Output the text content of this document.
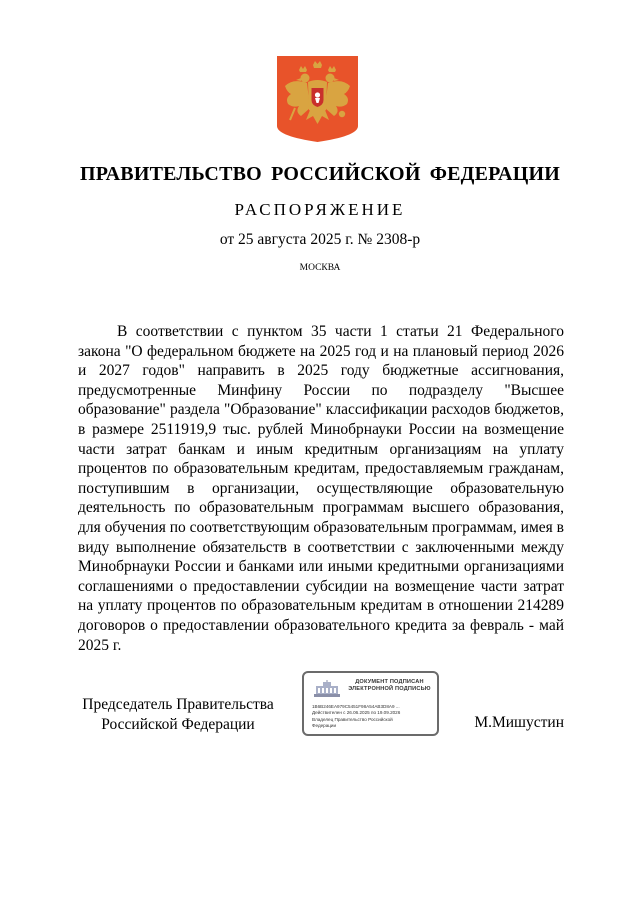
ПРАВИТЕЛЬСТВО РОССИЙСКОЙ ФЕДЕРАЦИИ
РАСПОРЯЖЕНИЕ
от 25 августа 2025 г. № 2308-р
МОСКВА

В соответствии с пунктом 35 части 1 статьи 21 Федерального закона "О федеральном бюджете на 2025 год и на плановый период 2026 и 2027 годов" направить в 2025 году бюджетные ассигнования, предусмотренные Минфину России по подразделу "Высшее образование" раздела "Образование" классификации расходов бюджетов, в размере 2511919,9 тыс. рублей Минобрнауки России на возмещение части затрат банкам и иным кредитным организациям на уплату процентов по образовательным кредитам, предоставляемым гражданам, поступившим в организации, осуществляющие образовательную деятельность по образовательным программам высшего образования, для обучения по соответствующим образовательным программам, имея в виду выполнение обязательств в соответствии с заключенными между Минобрнауки России и банками или иными кредитными организациями соглашениями о предоставлении субсидии на возмещение части затрат на уплату процентов по образовательным кредитам в отношении 214289 договоров о предоставлении образовательного кредита за февраль - май 2025 г.

Председатель Правительства
Российской Федерации
ДОКУМЕНТ ПОДПИСАН
ЭЛЕКТРОННОЙ ПОДПИСЬЮ
1B6B246EA979C5451F98A54AB3D8A9 ...
Действителен с 26.06.2025 по 19.09.2026
Владелец Правительство Российской
Федерации	М.Мишустин
